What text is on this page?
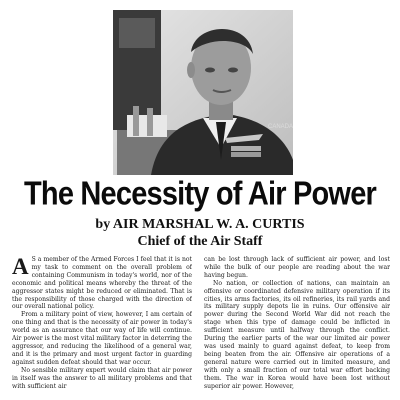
CANADA
The Necessity of Air Power
by AIR MARSHAL W. A. CURTIS
Chief of the Air Staff

A S a member of the Armed Forces I feel that it is not my task to comment on the overall problem of containing Communism in today's world, nor of the economic and political means whereby the threat of the aggressor states might be reduced or eliminated. That is the responsibility of those charged with the direction of our overall national policy.

From a military point of view, however, I am certain of one thing and that is the necessity of air power in today's world as an assurance that our way of life will continue. Air power is the most vital military factor in deterring the aggressor, and reducing the likelihood of a general war, and it is the primary and most urgent factor in guarding against sudden defeat should that war occur.

No sensible military expert would claim that air power in itself was the answer to all military problems and that with sufficient air

can be lost through lack of sufficient air power, and lost while the bulk of our people are reading about the war having begun.

No nation, or collection of nations, can maintain an offensive or coordinated defensive military operation if its cities, its arms factories, its oil refineries, its rail yards and its military supply depots lie in ruins. Our offensive air power during the Second World War did not reach the stage when this type of damage could be inflicted in sufficient measure until halfway through the conflict. During the earlier parts of the war our limited air power was used mainly to guard against defeat, to keep from being beaten from the air. Offensive air operations of a general nature were carried out in limited measure, and with only a small fraction of our total war effort backing them. The war in Korea would have been lost without superior air power. However,
